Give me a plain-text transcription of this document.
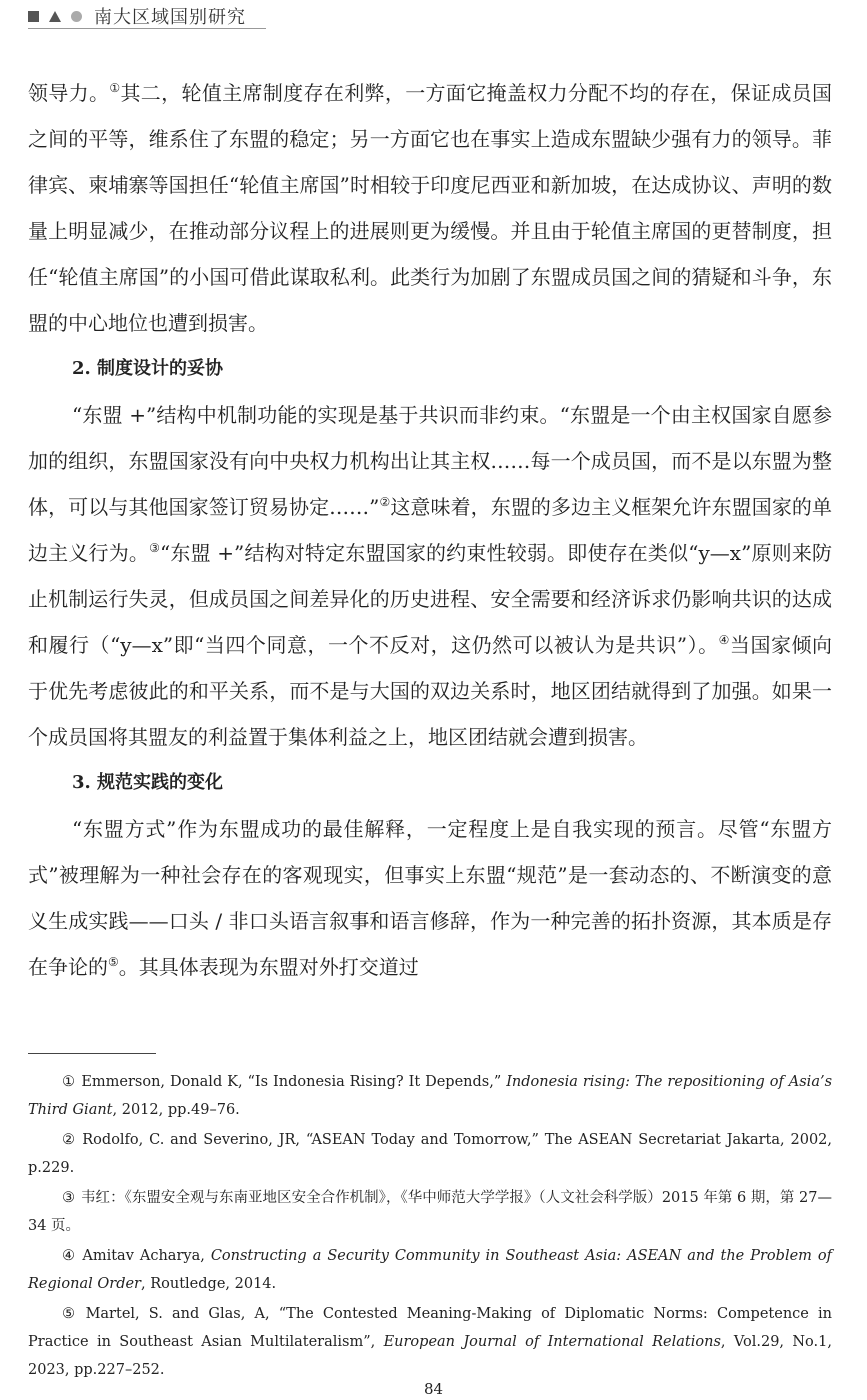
南大区域国别研究

领导力。①其二，轮值主席制度存在利弊，一方面它掩盖权力分配不均的存在，保证成员国之间的平等，维系住了东盟的稳定；另一方面它也在事实上造成东盟缺少强有力的领导。菲律宾、柬埔寨等国担任“轮值主席国”时相较于印度尼西亚和新加坡，在达成协议、声明的数量上明显减少，在推动部分议程上的进展则更为缓慢。并且由于轮值主席国的更替制度，担任“轮值主席国”的小国可借此谋取私利。此类行为加剧了东盟成员国之间的猜疑和斗争，东盟的中心地位也遭到损害。

2. 制度设计的妥协

“东盟 +”结构中机制功能的实现是基于共识而非约束。“东盟是一个由主权国家自愿参加的组织，东盟国家没有向中央权力机构出让其主权……每一个成员国，而不是以东盟为整体，可以与其他国家签订贸易协定……”②这意味着，东盟的多边主义框架允许东盟国家的单边主义行为。③“东盟 +”结构对特定东盟国家的约束性较弱。即使存在类似“y—x”原则来防止机制运行失灵，但成员国之间差异化的历史进程、安全需要和经济诉求仍影响共识的达成和履行（“y—x”即“当四个同意，一个不反对，这仍然可以被认为是共识”）。④当国家倾向于优先考虑彼此的和平关系，而不是与大国的双边关系时，地区团结就得到了加强。如果一个成员国将其盟友的利益置于集体利益之上，地区团结就会遭到损害。

3. 规范实践的变化

“东盟方式”作为东盟成功的最佳解释，一定程度上是自我实现的预言。尽管“东盟方式”被理解为一种社会存在的客观现实，但事实上东盟“规范”是一套动态的、不断演变的意义生成实践——口头 / 非口头语言叙事和语言修辞，作为一种完善的拓扑资源，其本质是存在争论的⑤。其具体表现为东盟对外打交道过

① Emmerson, Donald K, “Is Indonesia Rising? It Depends,” Indonesia rising: The repositioning of Asia’s Third Giant, 2012, pp.49–76.

② Rodolfo, C. and Severino, JR, “ASEAN Today and Tomorrow,” The ASEAN Secretariat Jakarta, 2002, p.229.

③ 韦红：《东盟安全观与东南亚地区安全合作机制》，《华中师范大学学报》（人文社会科学版）2015 年第 6 期，第 27—34 页。

④ Amitav Acharya, Constructing a Security Community in Southeast Asia: ASEAN and the Problem of Regional Order, Routledge, 2014.

⑤ Martel, S. and Glas, A, “The Contested Meaning-Making of Diplomatic Norms: Competence in Practice in Southeast Asian Multilateralism”, European Journal of International Relations, Vol.29, No.1, 2023, pp.227–252.

84
